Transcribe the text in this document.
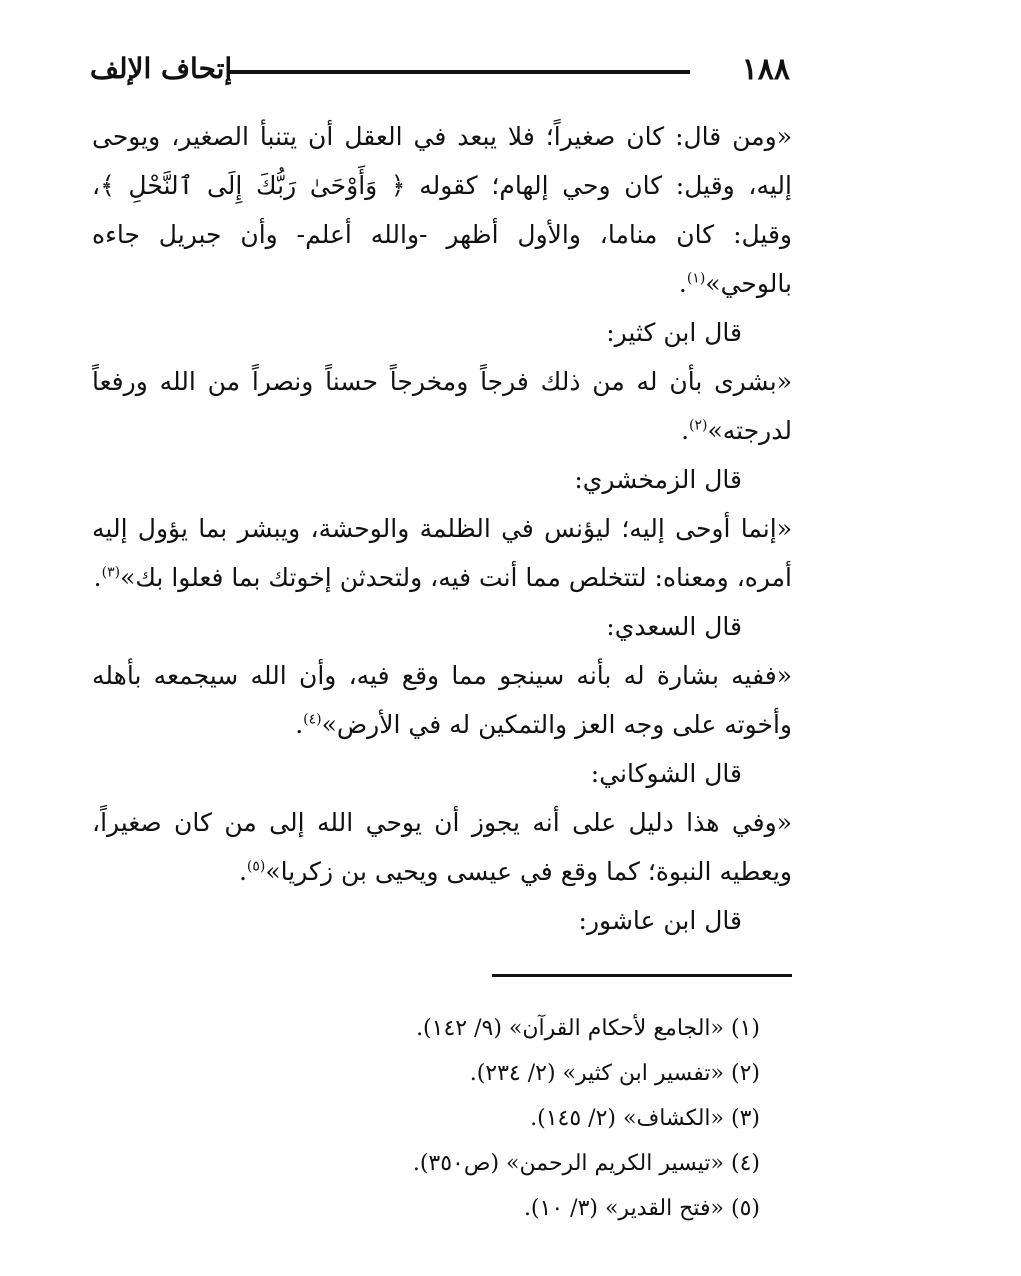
١٨٨
إتحاف الإلف

«ومن قال: كان صغيراً؛ فلا يبعد في العقل أن يتنبأ الصغير، ويوحى إليه، وقيل: كان وحي إلهام؛ كقوله ﴿ وَأَوْحَىٰ رَبُّكَ إِلَى ٱلنَّحْلِ ﴾، وقيل: كان مناما، والأول أظهر -والله أعلم- وأن جبريل جاءه بالوحي»$^{(١)}$.

قال ابن كثير:

«بشرى بأن له من ذلك فرجاً ومخرجاً حسناً ونصراً من الله ورفعاً لدرجته»$^{(٢)}$.

قال الزمخشري:

«إنما أوحى إليه؛ ليؤنس في الظلمة والوحشة، ويبشر بما يؤول إليه أمره، ومعناه: لتتخلص مما أنت فيه، ولتحدثن إخوتك بما فعلوا بك»$^{(٣)}$.

قال السعدي:

«ففيه بشارة له بأنه سينجو مما وقع فيه، وأن الله سيجمعه بأهله وأخوته على وجه العز والتمكين له في الأرض»$^{(٤)}$.

قال الشوكاني:

«وفي هذا دليل على أنه يجوز أن يوحي الله إلى من كان صغيراً، ويعطيه النبوة؛ كما وقع في عيسى ويحيى بن زكريا»$^{(٥)}$.

قال ابن عاشور:

(١) «الجامع لأحكام القرآن» (٩/ ١٤٢).
(٢) «تفسير ابن كثير» (٢/ ٢٣٤).
(٣) «الكشاف» (٢/ ١٤٥).
(٤) «تيسير الكريم الرحمن» (ص٣٥٠).
(٥) «فتح القدير» (٣/ ١٠).
